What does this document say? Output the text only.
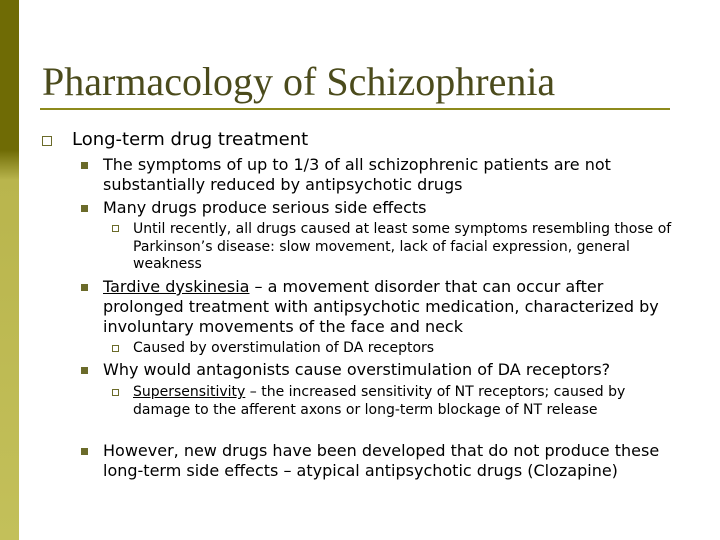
Pharmacology of Schizophrenia

Long-term drug treatment

The symptoms of up to 1/3 of all schizophrenic patients are not substantially reduced by antipsychotic drugs

Many drugs produce serious side effects

Until recently, all drugs caused at least some symptoms resembling those of Parkinson’s disease: slow movement, lack of facial expression, general weakness

Tardive dyskinesia – a movement disorder that can occur after prolonged treatment with antipsychotic medication, characterized by involuntary movements of the face and neck

Caused by overstimulation of DA receptors

Why would antagonists cause overstimulation of DA receptors?

Supersensitivity – the increased sensitivity of NT receptors; caused by damage to the afferent axons or long-term blockage of NT release

However, new drugs have been developed that do not produce these long-term side effects – atypical antipsychotic drugs (Clozapine)
